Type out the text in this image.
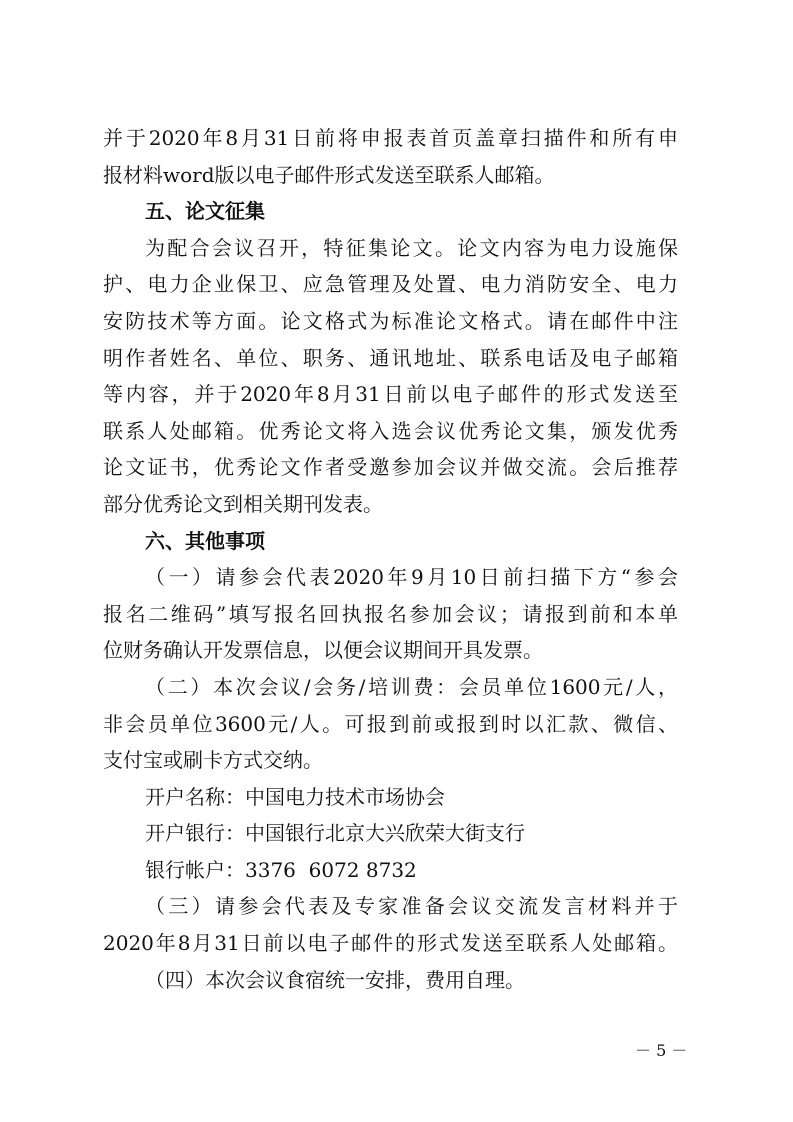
并于2020年8月31日前将申报表首页盖章扫描件和所有申
报材料word版以电子邮件形式发送至联系人邮箱。
五、论文征集
为配合会议召开，特征集论文。论文内容为电力设施保
护、电力企业保卫、应急管理及处置、电力消防安全、电力
安防技术等方面。论文格式为标准论文格式。请在邮件中注
明作者姓名、单位、职务、通讯地址、联系电话及电子邮箱
等内容，并于2020年8月31日前以电子邮件的形式发送至
联系人处邮箱。优秀论文将入选会议优秀论文集，颁发优秀
论文证书，优秀论文作者受邀参加会议并做交流。会后推荐
部分优秀论文到相关期刊发表。
六、其他事项
（一）请参会代表2020年9月10日前扫描下方“参会
报名二维码”填写报名回执报名参加会议；请报到前和本单
位财务确认开发票信息，以便会议期间开具发票。
（二）本次会议/会务/培训费：会员单位1600元/人，
非会员单位3600元/人。可报到前或报到时以汇款、微信、
支付宝或刷卡方式交纳。
开户名称：中国电力技术市场协会
开户银行：中国银行北京大兴欣荣大街支行
银行帐户：3376  6072 8732
（三）请参会代表及专家准备会议交流发言材料并于
2020年8月31日前以电子邮件的形式发送至联系人处邮箱。
（四）本次会议食宿统一安排，费用自理。
－ 5 －
